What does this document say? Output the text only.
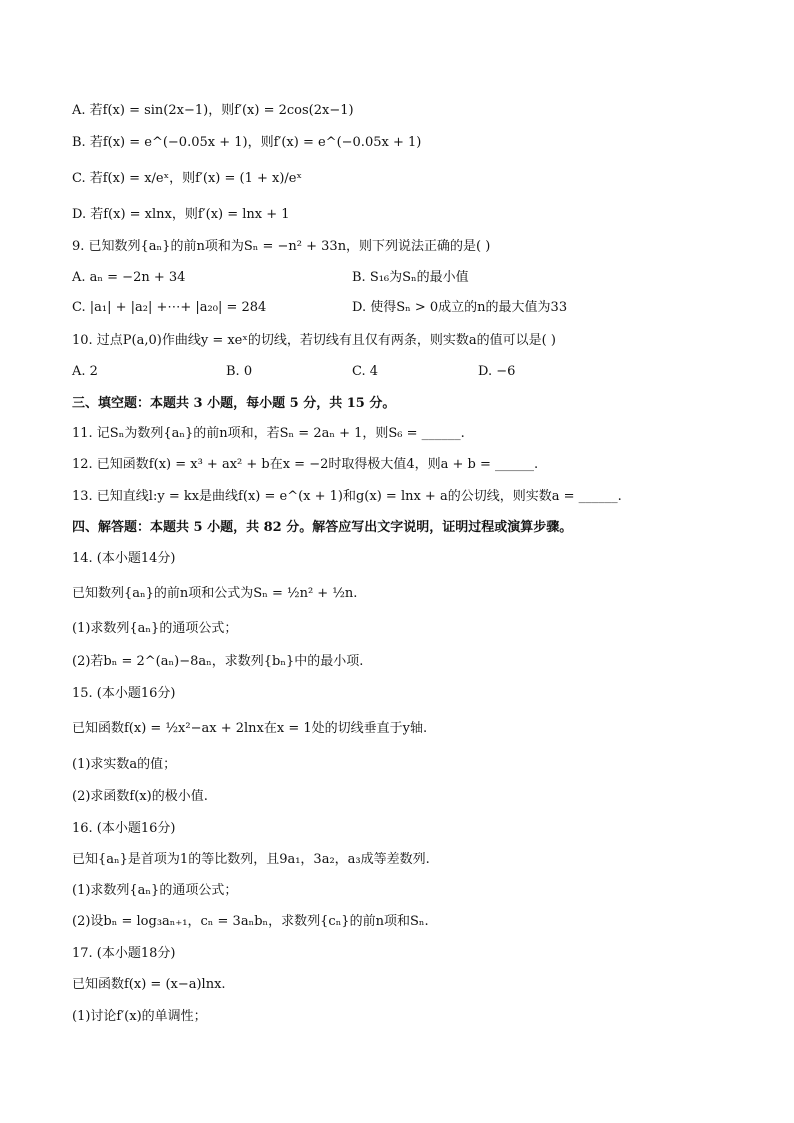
A. 若f(x) = sin(2x−1)，则f′(x) = 2cos(2x−1)
B. 若f(x) = e^(−0.05x + 1)，则f′(x) = e^(−0.05x + 1)
C. 若f(x) = x/eˣ，则f′(x) = (1 + x)/eˣ
D. 若f(x) = xlnx，则f′(x) = lnx + 1
9. 已知数列{aₙ}的前n项和为Sₙ = −n² + 33n，则下列说法正确的是( )
A. aₙ = −2n + 34	B. S₁₆为Sₙ的最小值
C. |a₁| + |a₂| +⋯+ |a₂₀| = 284	D. 使得Sₙ > 0成立的n的最大值为33
10. 过点P(a,0)作曲线y = xeˣ的切线，若切线有且仅有两条，则实数a的值可以是( )
A. 2	B. 0	C. 4	D. −6
三、填空题：本题共 3 小题，每小题 5 分，共 15 分。
11. 记Sₙ为数列{aₙ}的前n项和，若Sₙ = 2aₙ + 1，则S₆ = ______.
12. 已知函数f(x) = x³ + ax² + b在x = −2时取得极大值4，则a + b = ______.
13. 已知直线l:y = kx是曲线f(x) = e^(x + 1)和g(x) = lnx + a的公切线，则实数a = ______.
四、解答题：本题共 5 小题，共 82 分。解答应写出文字说明，证明过程或演算步骤。
14. (本小题14分)
已知数列{aₙ}的前n项和公式为Sₙ = ½n² + ½n.
(1)求数列{aₙ}的通项公式；
(2)若bₙ = 2^(aₙ)−8aₙ，求数列{bₙ}中的最小项.
15. (本小题16分)
已知函数f(x) = ½x²−ax + 2lnx在x = 1处的切线垂直于y轴.
(1)求实数a的值；
(2)求函数f(x)的极小值.
16. (本小题16分)
已知{aₙ}是首项为1的等比数列，且9a₁，3a₂，a₃成等差数列.
(1)求数列{aₙ}的通项公式；
(2)设bₙ = log₃aₙ₊₁，cₙ = 3aₙbₙ，求数列{cₙ}的前n项和Sₙ.
17. (本小题18分)
已知函数f(x) = (x−a)lnx.
(1)讨论f′(x)的单调性；
